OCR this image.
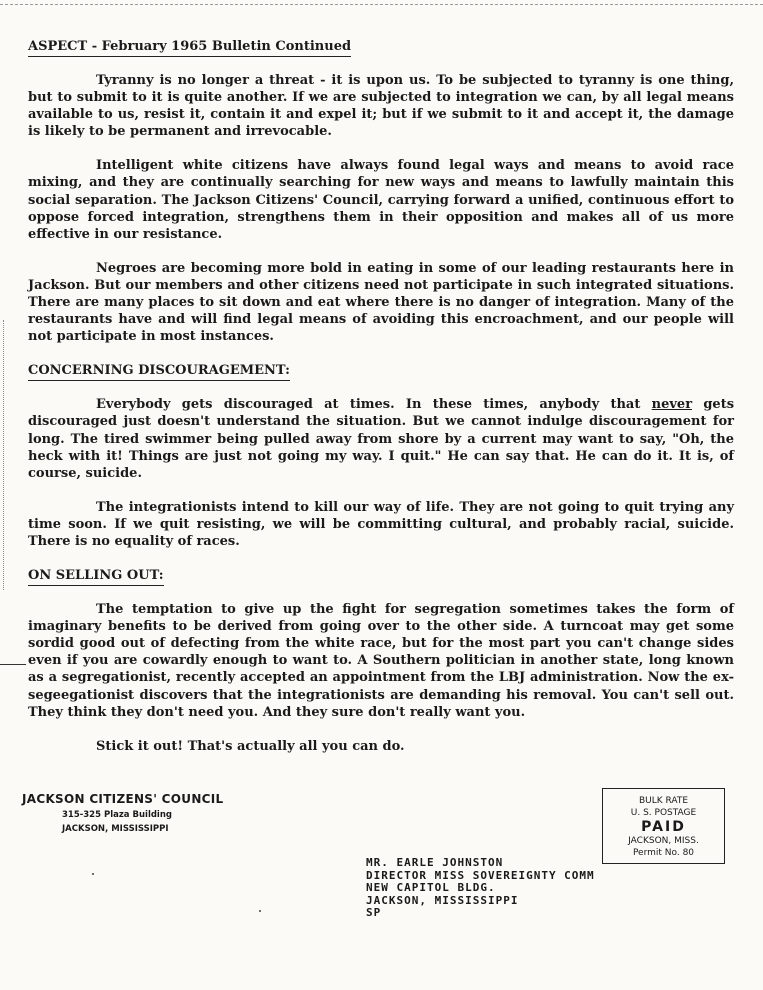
ASPECT - February 1965 Bulletin Continued

Tyranny is no longer a threat - it is upon us. To be subjected to tyranny is one thing, but to submit to it is quite another. If we are subjected to integration we can, by all legal means available to us, resist it, contain it and expel it; but if we submit to it and accept it, the damage is likely to be permanent and irrevocable.

Intelligent white citizens have always found legal ways and means to avoid race mixing, and they are continually searching for new ways and means to lawfully maintain this social separation. The Jackson Citizens' Council, carrying forward a unified, continuous effort to oppose forced integration, strengthens them in their opposition and makes all of us more effective in our resistance.

Negroes are becoming more bold in eating in some of our leading restaurants here in Jackson. But our members and other citizens need not participate in such integrated situations. There are many places to sit down and eat where there is no danger of integration. Many of the restaurants have and will find legal means of avoiding this encroachment, and our people will not participate in most instances.

CONCERNING DISCOURAGEMENT:

Everybody gets discouraged at times. In these times, anybody that never gets discouraged just doesn't understand the situation. But we cannot indulge discouragement for long. The tired swimmer being pulled away from shore by a current may want to say, "Oh, the heck with it! Things are just not going my way. I quit." He can say that. He can do it. It is, of course, suicide.

The integrationists intend to kill our way of life. They are not going to quit trying any time soon. If we quit resisting, we will be committing cultural, and probably racial, suicide. There is no equality of races.

ON SELLING OUT:

The temptation to give up the fight for segregation sometimes takes the form of imaginary benefits to be derived from going over to the other side. A turncoat may get some sordid good out of defecting from the white race, but for the most part you can't change sides even if you are cowardly enough to want to. A Southern politician in another state, long known as a segregationist, recently accepted an appointment from the LBJ administration. Now the ex-segeegationist discovers that the integrationists are demanding his removal. You can't sell out. They think they don't need you. And they sure don't really want you.

Stick it out! That's actually all you can do.

JACKSON CITIZENS' COUNCIL
315-325 Plaza Building
JACKSON, MISSISSIPPI
BULK RATE
U. S. POSTAGE
PAID
JACKSON, MISS.
Permit No. 80
MR. EARLE JOHNSTON
DIRECTOR MISS SOVEREIGNTY COMM
NEW CAPITOL BLDG.
JACKSON, MISSISSIPPI
SP
